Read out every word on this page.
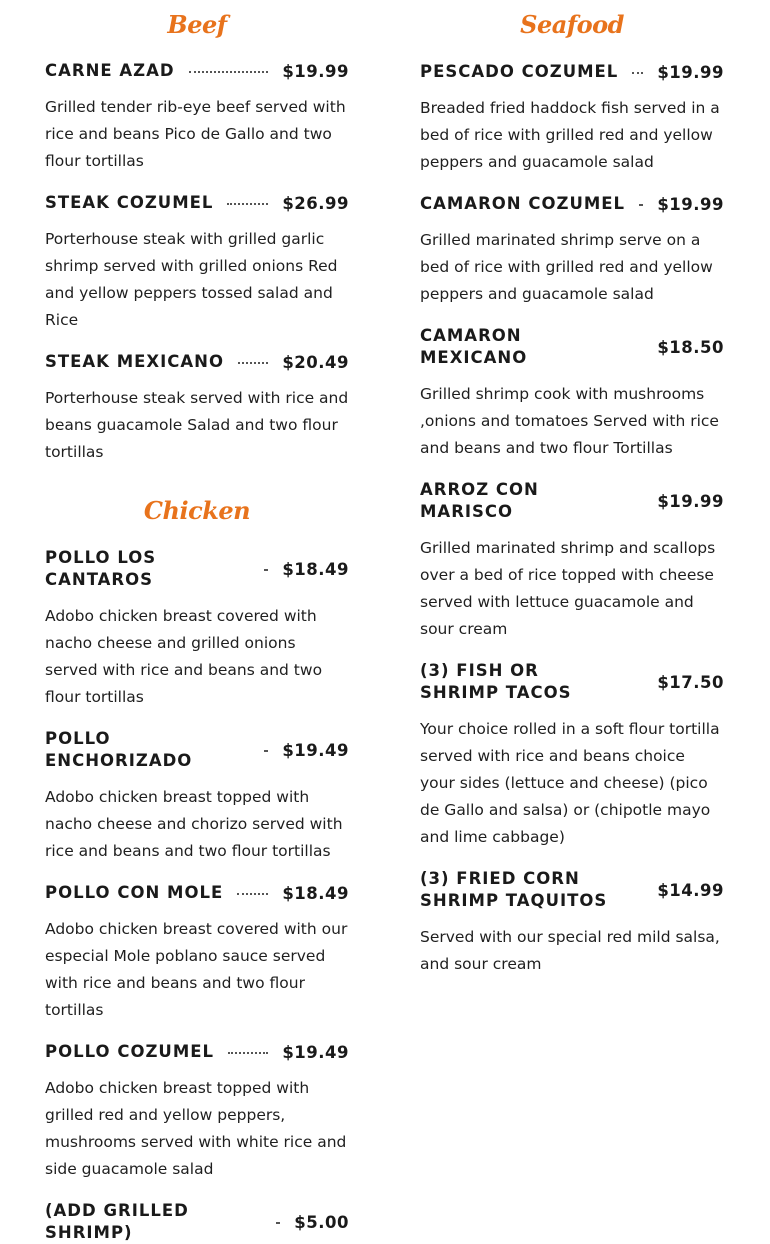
Beef
CARNE AZAD	$19.99
Grilled tender rib-eye beef served with rice and beans Pico de Gallo and two flour tortillas
STEAK COZUMEL	$26.99
Porterhouse steak with grilled garlic shrimp served with grilled onions Red and yellow peppers tossed salad and Rice
STEAK MEXICANO	$20.49
Porterhouse steak served with rice and beans guacamole Salad and two flour tortillas
Chicken
POLLO LOS CANTAROS
$18.49
Adobo chicken breast covered with nacho cheese and grilled onions served with rice and beans and two flour tortillas
POLLO ENCHORIZADO
$19.49
Adobo chicken breast topped with nacho cheese and chorizo served with rice and beans and two flour tortillas
POLLO CON MOLE	$18.49
Adobo chicken breast covered with our especial Mole poblano sauce served with rice and beans and two flour tortillas
POLLO COZUMEL	$19.49
Adobo chicken breast topped with grilled red and yellow peppers, mushrooms served with white rice and side guacamole salad
(ADD GRILLED SHRIMP)
$5.00
Seafood
PESCADO COZUMEL $19.99
Breaded fried haddock fish served in a bed of rice with grilled red and yellow peppers and guacamole salad
CAMARON COZUMEL $19.99
Grilled marinated shrimp serve on a bed of rice with grilled red and yellow peppers and guacamole salad
CAMARON MEXICANO
$18.50
Grilled shrimp cook with mushrooms ,onions and tomatoes Served with rice and beans and two flour Tortillas
ARROZ CON MARISCO
$19.99
Grilled marinated shrimp and scallops over a bed of rice topped with cheese served with lettuce guacamole and sour cream
(3) FISH OR SHRIMP TACOS
$17.50
Your choice rolled in a soft flour tortilla served with rice and beans choice your sides (lettuce and cheese) (pico de Gallo and salsa) or (chipotle mayo and lime cabbage)
(3) FRIED CORN SHRIMP TAQUITOS
$14.99
Served with our special red mild salsa, and sour cream
